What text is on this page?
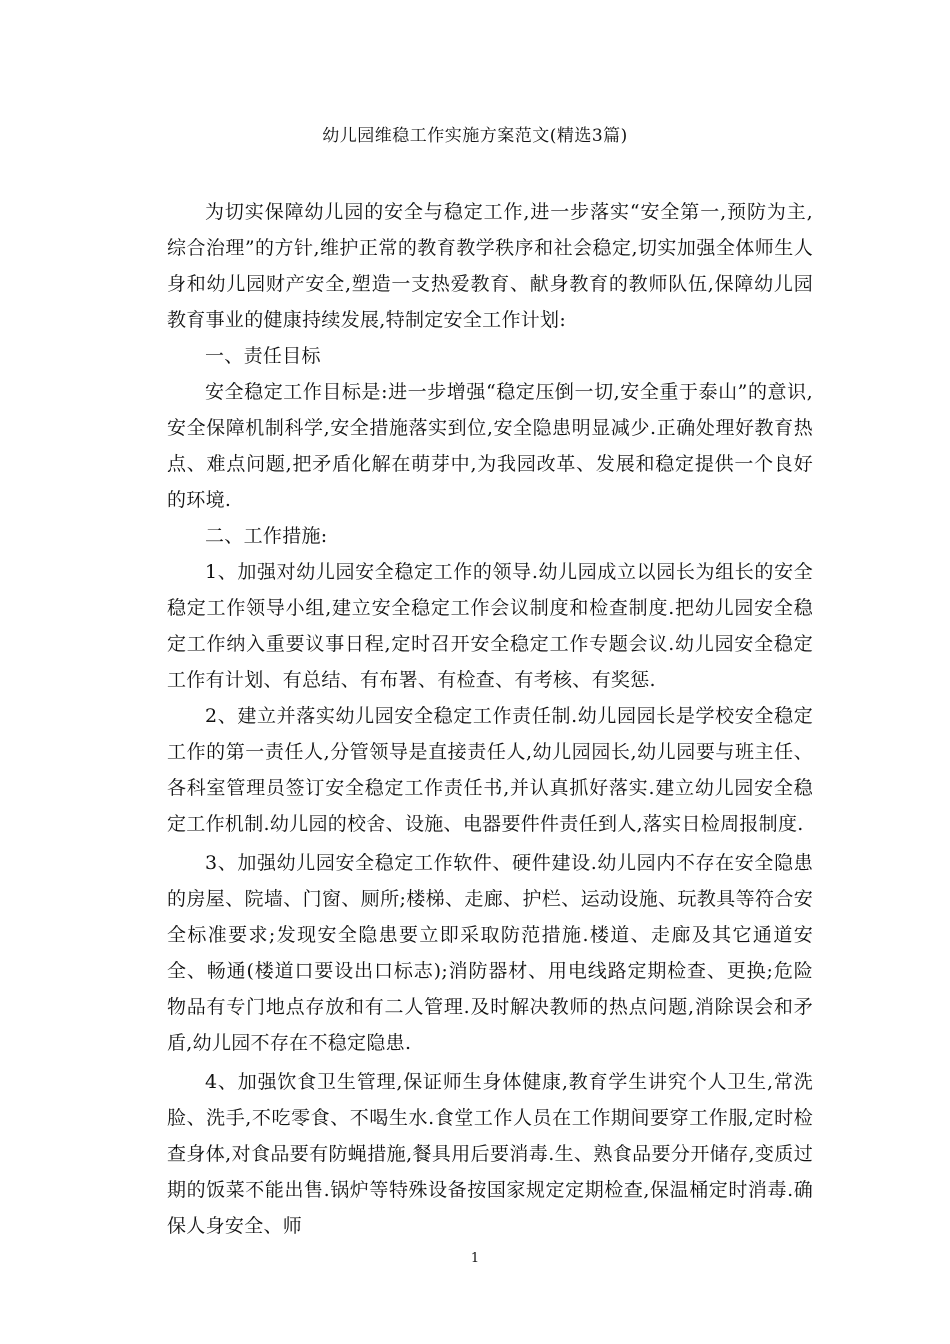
幼儿园维稳工作实施方案范文(精选3篇)

为切实保障幼儿园的安全与稳定工作,进一步落实“安全第一,预防为主,综合治理”的方针,维护正常的教育教学秩序和社会稳定,切实加强全体师生人身和幼儿园财产安全,塑造一支热爱教育、献身教育的教师队伍,保障幼儿园教育事业的健康持续发展,特制定安全工作计划:

一、责任目标

安全稳定工作目标是:进一步增强“稳定压倒一切,安全重于泰山”的意识,安全保障机制科学,安全措施落实到位,安全隐患明显减少.正确处理好教育热点、难点问题,把矛盾化解在萌芽中,为我园改革、发展和稳定提供一个良好的环境.

二、工作措施:

1、加强对幼儿园安全稳定工作的领导.幼儿园成立以园长为组长的安全稳定工作领导小组,建立安全稳定工作会议制度和检查制度.把幼儿园安全稳定工作纳入重要议事日程,定时召开安全稳定工作专题会议.幼儿园安全稳定工作有计划、有总结、有布署、有检查、有考核、有奖惩.

2、建立并落实幼儿园安全稳定工作责任制.幼儿园园长是学校安全稳定工作的第一责任人,分管领导是直接责任人,幼儿园园长,幼儿园要与班主任、各科室管理员签订安全稳定工作责任书,并认真抓好落实.建立幼儿园安全稳定工作机制.幼儿园的校舍、设施、电器要件件责任到人,落实日检周报制度.

3、加强幼儿园安全稳定工作软件、硬件建设.幼儿园内不存在安全隐患的房屋、院墙、门窗、厕所;楼梯、走廊、护栏、运动设施、玩教具等符合安全标准要求;发现安全隐患要立即采取防范措施.楼道、走廊及其它通道安全、畅通(楼道口要设出口标志);消防器材、用电线路定期检查、更换;危险物品有专门地点存放和有二人管理.及时解决教师的热点问题,消除误会和矛盾,幼儿园不存在不稳定隐患.

4、加强饮食卫生管理,保证师生身体健康,教育学生讲究个人卫生,常洗脸、洗手,不吃零食、不喝生水.食堂工作人员在工作期间要穿工作服,定时检查身体,对食品要有防蝇措施,餐具用后要消毒.生、熟食品要分开储存,变质过期的饭菜不能出售.锅炉等特殊设备按国家规定定期检查,保温桶定时消毒.确保人身安全、师

1
